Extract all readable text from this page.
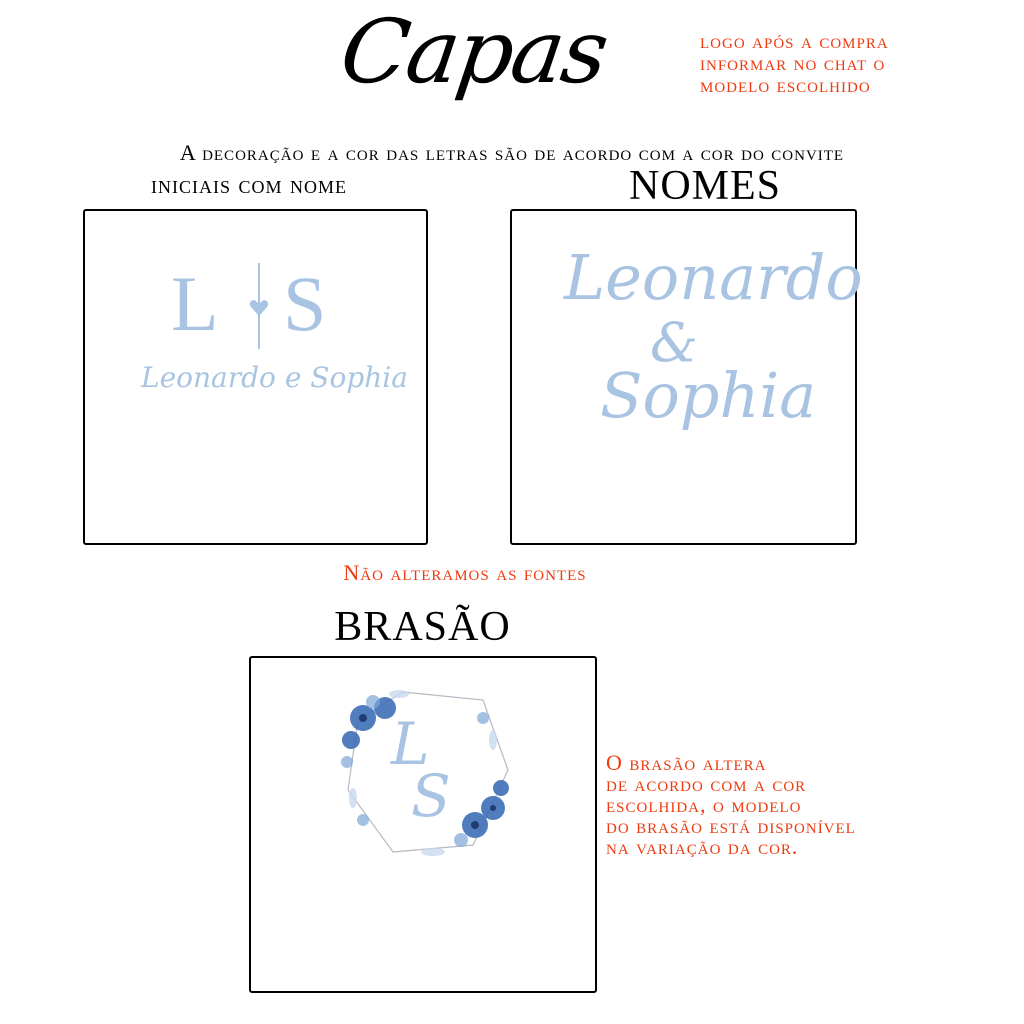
Capas	logo após a compra
informar no chat o
modelo escolhido
A decoração e a cor das letras são de acordo com a cor do convite
iniciais com nome
L S
Leonardo e Sophia
NOMES
Leonardo
&
Sophia
Não alteramos as fontes
BRASÃO
L
S	O brasão altera
de acordo com a cor
escolhida, o modelo
do brasão está disponível
na variação da cor.
